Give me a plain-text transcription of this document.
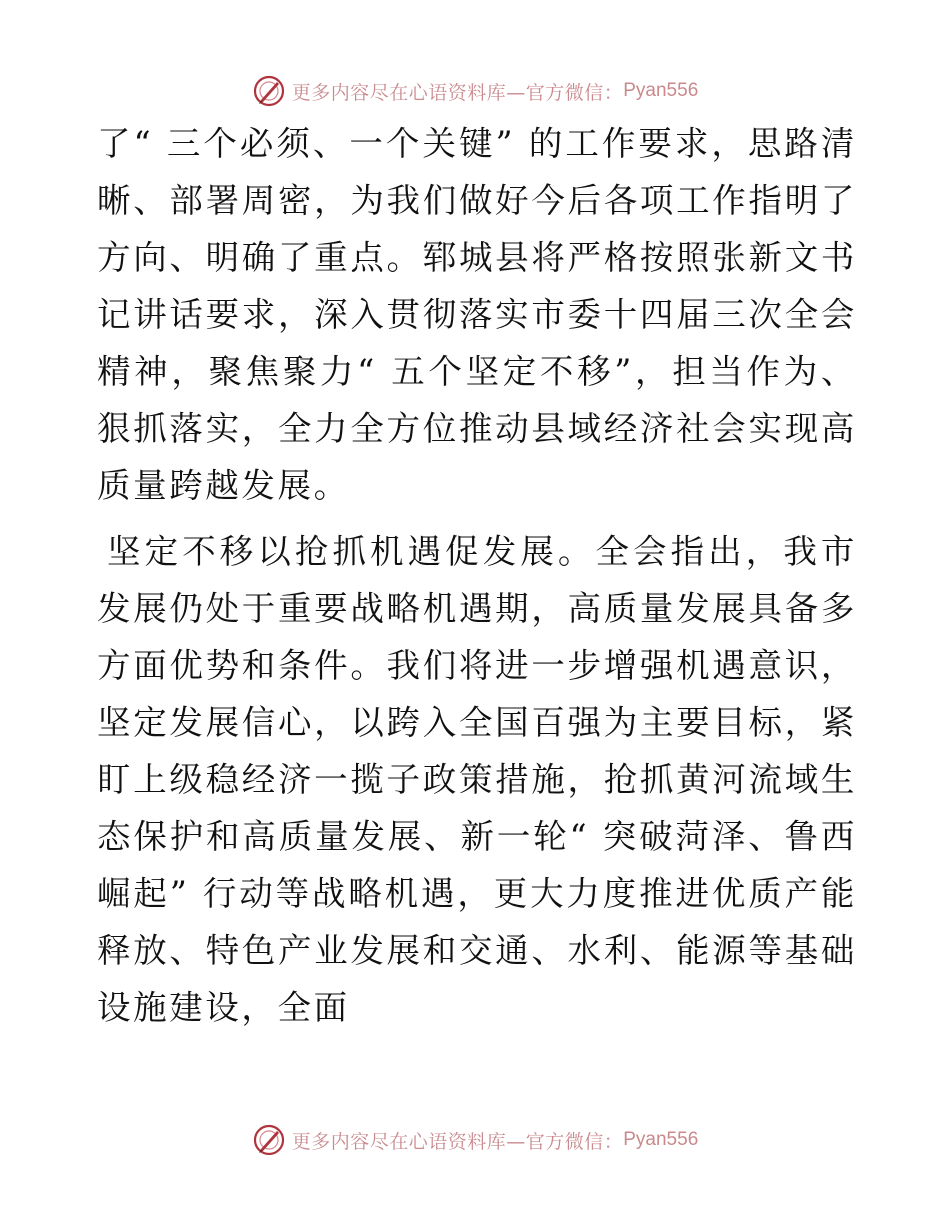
更多内容尽在心语资料库—官方微信： Pyan556

了“ 三个必须、一个关键” 的工作要求，思路清晰、部署周密，为我们做好今后各项工作指明了方向、明确了重点。郓城县将严格按照张新文书记讲话要求，深入贯彻落实市委十四届三次全会精神，聚焦聚力“ 五个坚定不移”，担当作为、狠抓落实，全力全方位推动县域经济社会实现高质量跨越发展。

坚定不移以抢抓机遇促发展。全会指出，我市发展仍处于重要战略机遇期，高质量发展具备多方面优势和条件。我们将进一步增强机遇意识，坚定发展信心，以跨入全国百强为主要目标，紧盯上级稳经济一揽子政策措施，抢抓黄河流域生态保护和高质量发展、新一轮“ 突破菏泽、鲁西崛起” 行动等战略机遇，更大力度推进优质产能释放、特色产业发展和交通、水利、能源等基础设施建设，全面

更多内容尽在心语资料库—官方微信： Pyan556
